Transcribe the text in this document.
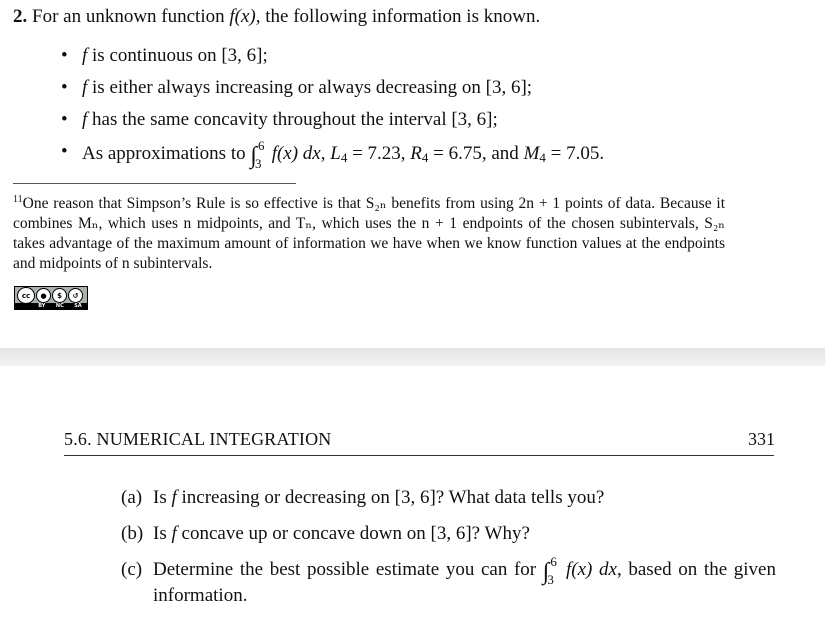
2. For an unknown function f(x), the following information is known.
• f is continuous on [3, 6];
• f is either always increasing or always decreasing on [3, 6];
• f has the same concavity throughout the interval [3, 6];
• As approximations to ∫ 6
3 f(x) dx, $L_4 = 7.23$, $R_4 = 6.75$, and $M_4 = 7.05$.
$^{11}$One reason that Simpson’s Rule is so effective is that S₂ₙ benefits from using 2n + 1 points of data. Because it combines Mₙ, which uses n midpoints, and Tₙ, which uses the n + 1 endpoints of the chosen subintervals, S₂ₙ takes advantage of the maximum amount of information we have when we know function values at the endpoints and midpoints of n subintervals.
cc	●	$	↺
BY NC SA
5.6. NUMERICAL INTEGRATION	331
(a) Is f increasing or decreasing on [3, 6]? What data tells you?
(b) Is f concave up or concave down on [3, 6]? Why?
(c) Determine the best possible estimate you can for ∫ 6
3 f(x) dx, based on the given information.
